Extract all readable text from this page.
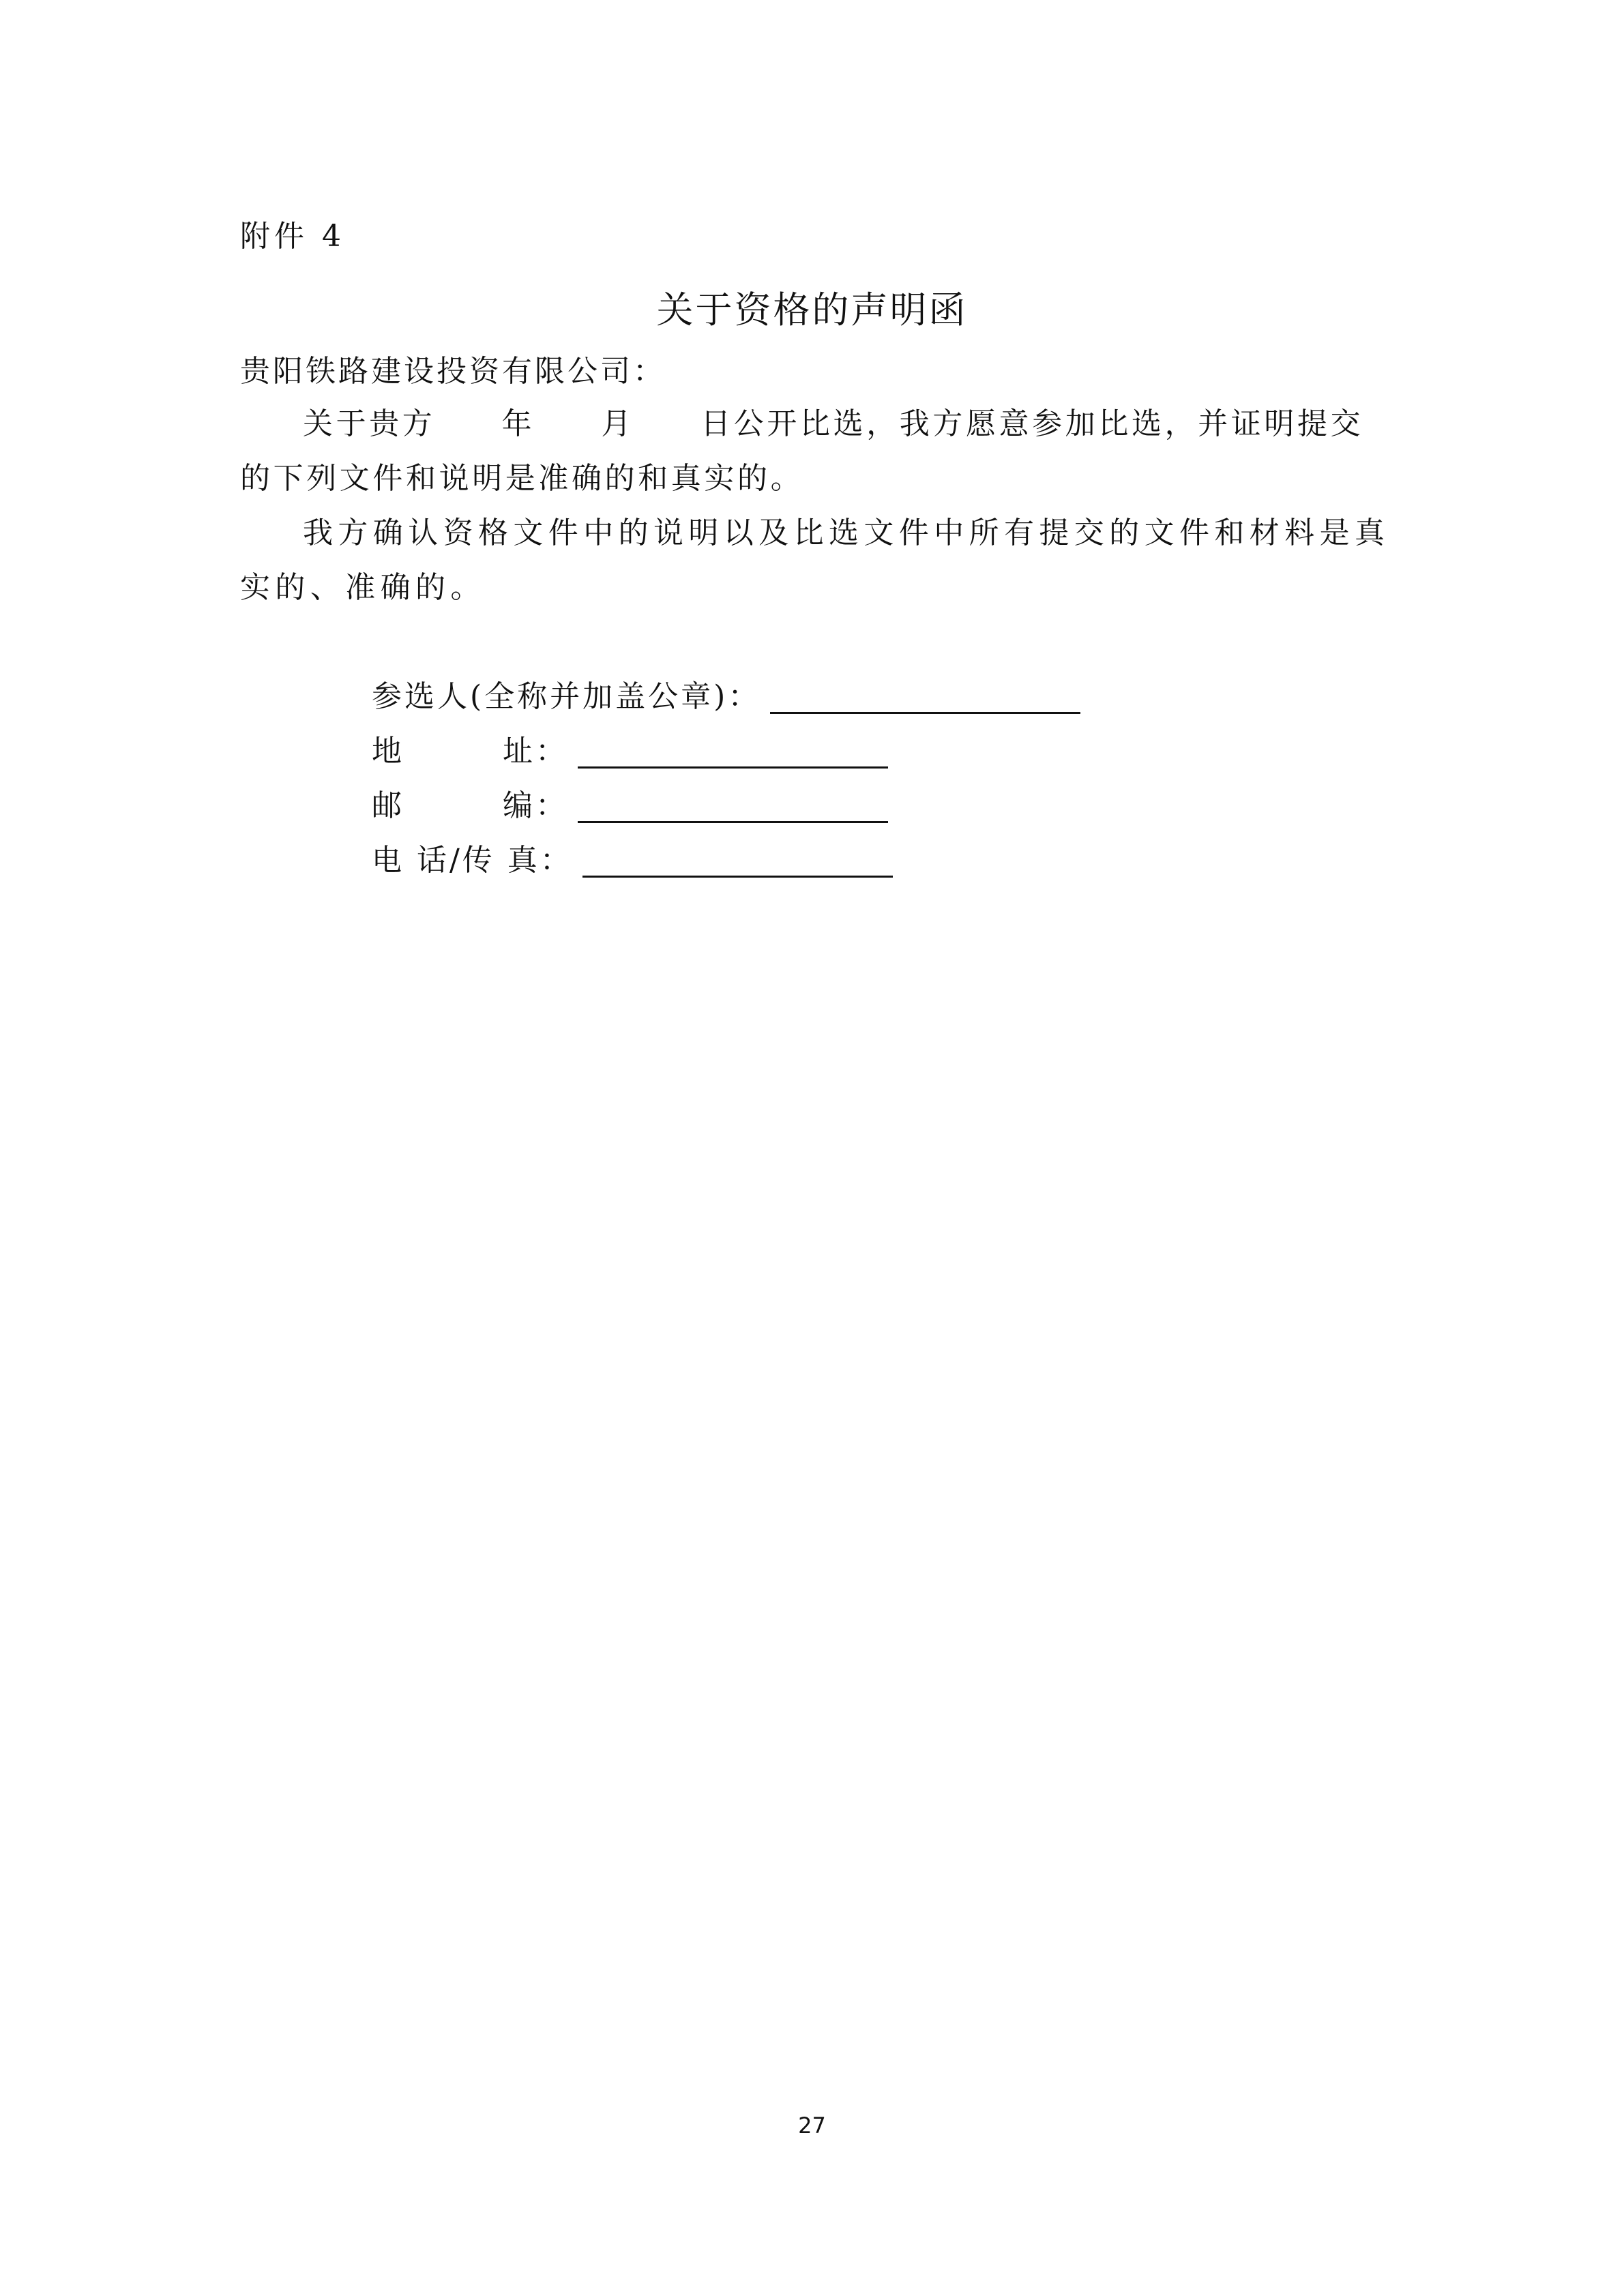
附件 4
关于资格的声明函
贵阳铁路建设投资有限公司：
关于贵方　　年　　月　　日公开比选，我方愿意参加比选，并证明提交的下列文件和说明是准确的和真实的。
我方确认资格文件中的说明以及比选文件中所有提交的文件和材料是真实的、准确的。
参选人(全称并加盖公章)：
地　　　址：
邮　　　编：
电 话/传 真：
27
